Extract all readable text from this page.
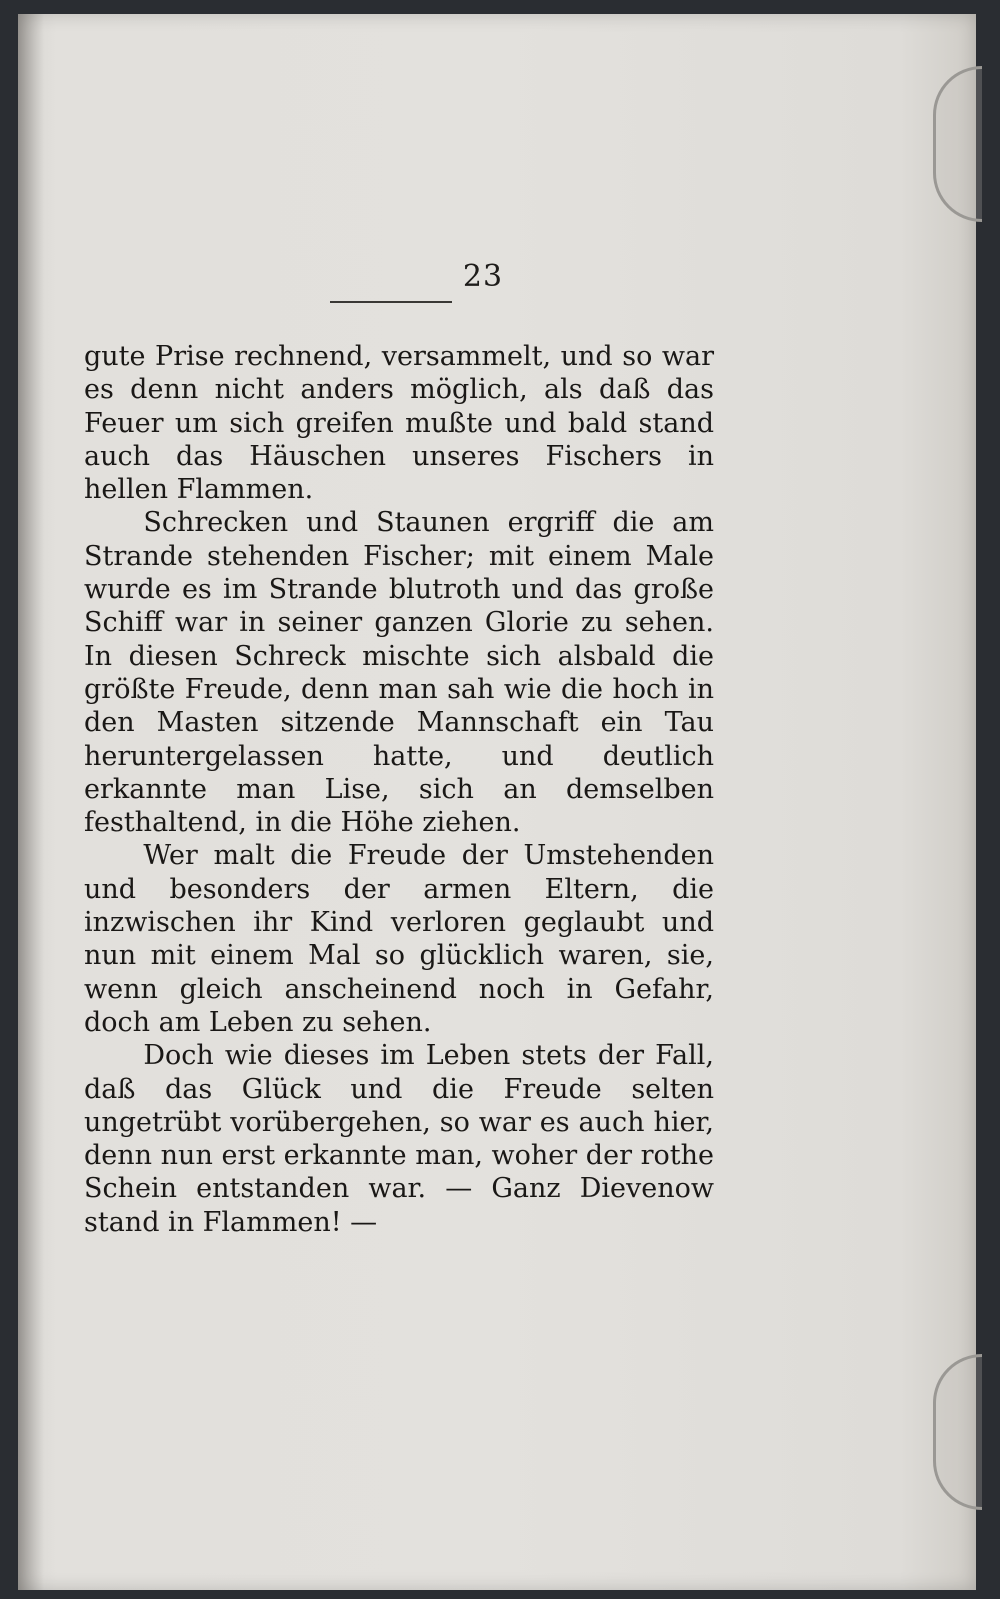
23

gute Prise rechnend, versammelt, und so war es denn nicht anders möglich, als daß das Feuer um sich greifen mußte und bald stand auch das Häuschen unseres Fischers in hellen Flammen.

Schrecken und Staunen ergriff die am Strande stehenden Fischer; mit einem Male wurde es im Strande blutroth und das große Schiff war in seiner ganzen Glorie zu sehen. In diesen Schreck mischte sich alsbald die größte Freude, denn man sah wie die hoch in den Masten sitzende Mannschaft ein Tau heruntergelassen hatte, und deutlich erkannte man Lise, sich an demselben festhaltend, in die Höhe ziehen.

Wer malt die Freude der Umstehenden und besonders der armen Eltern, die inzwischen ihr Kind verloren geglaubt und nun mit einem Mal so glücklich waren, sie, wenn gleich anscheinend noch in Gefahr, doch am Leben zu sehen.

Doch wie dieses im Leben stets der Fall, daß das Glück und die Freude selten ungetrübt vorübergehen, so war es auch hier, denn nun erst erkannte man, woher der rothe Schein entstanden war. — Ganz Dievenow stand in Flammen! —
